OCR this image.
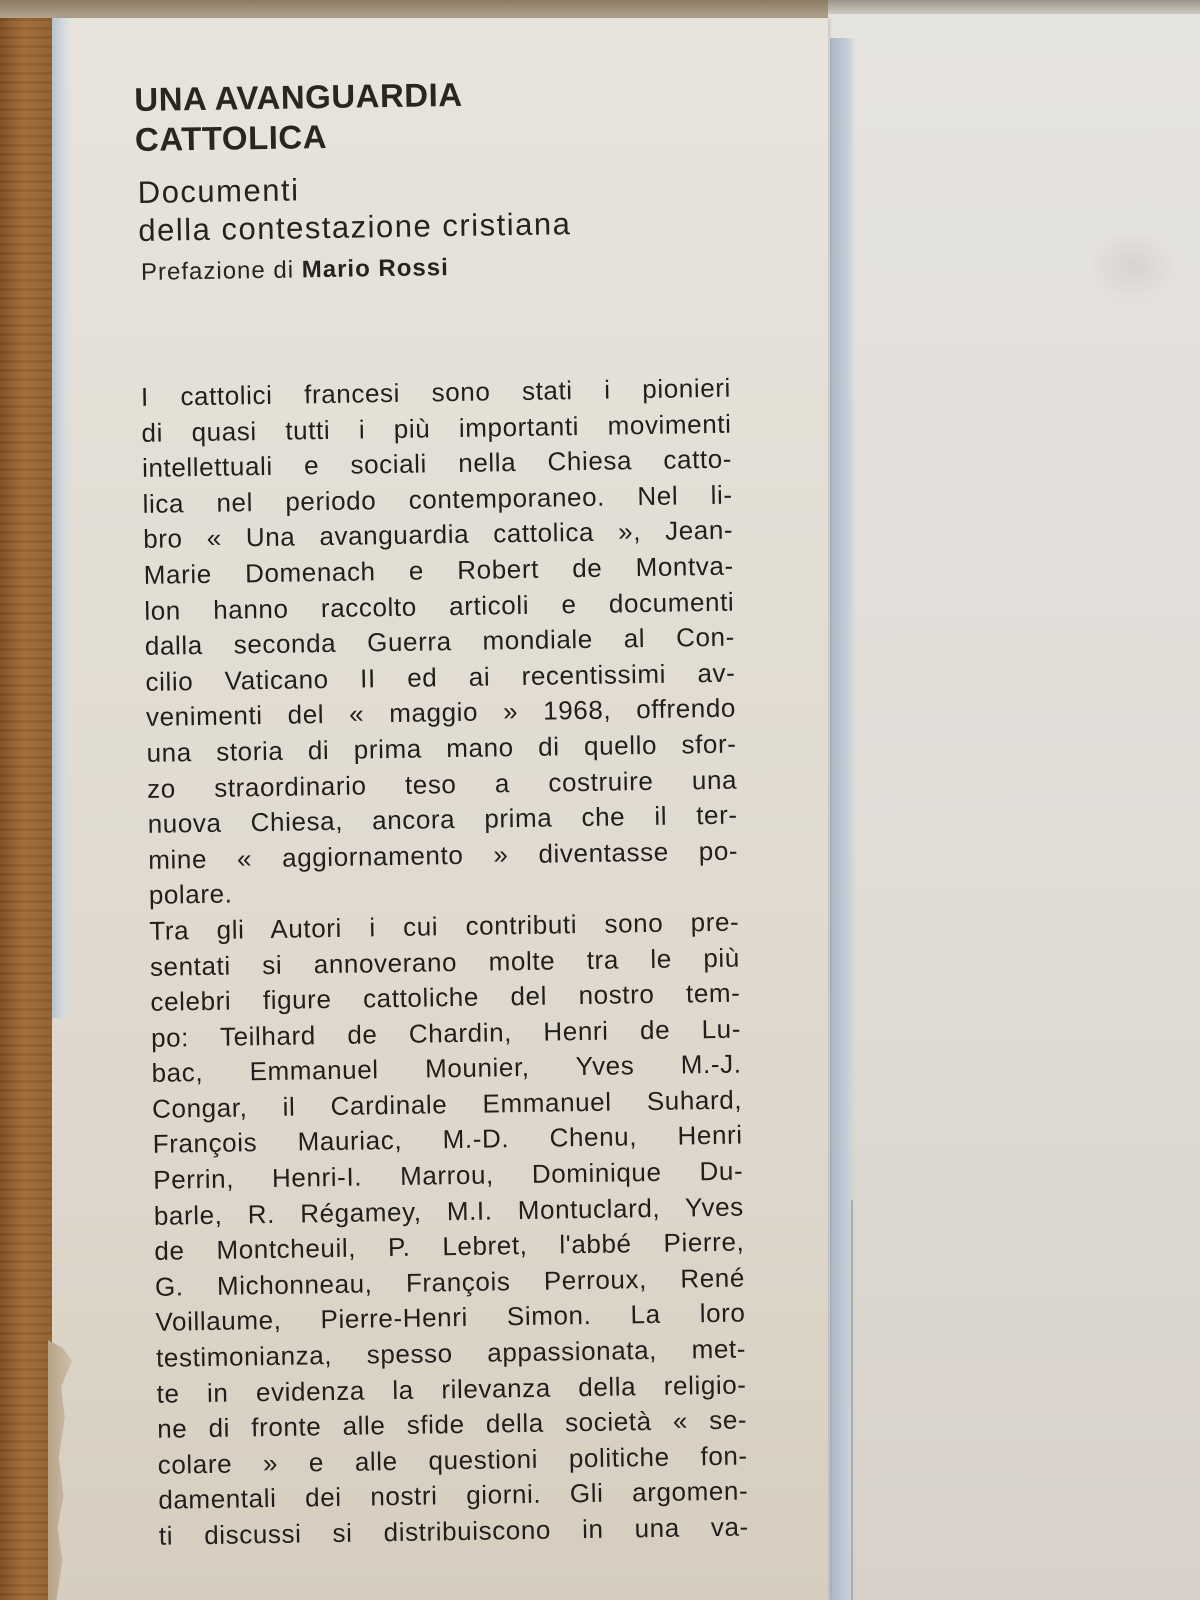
UNA AVANGUARDIA
CATTOLICA
Documenti
della contestazione cristiana
Prefazione di Mario Rossi
I cattolici francesi sono stati i pionieri
di quasi tutti i più importanti movimenti
intellettuali e sociali nella Chiesa catto-
lica nel periodo contemporaneo. Nel li-
bro « Una avanguardia cattolica », Jean-
Marie Domenach e Robert de Montva-
lon hanno raccolto articoli e documenti
dalla seconda Guerra mondiale al Con-
cilio Vaticano II ed ai recentissimi av-
venimenti del « maggio » 1968, offrendo
una storia di prima mano di quello sfor-
zo straordinario teso a costruire una
nuova Chiesa, ancora prima che il ter-
mine « aggiornamento » diventasse po-
polare.
Tra gli Autori i cui contributi sono pre-
sentati si annoverano molte tra le più
celebri figure cattoliche del nostro tem-
po: Teilhard de Chardin, Henri de Lu-
bac, Emmanuel Mounier, Yves M.-J.
Congar, il Cardinale Emmanuel Suhard,
François Mauriac, M.-D. Chenu, Henri
Perrin, Henri-I. Marrou, Dominique Du-
barle, R. Régamey, M.I. Montuclard, Yves
de Montcheuil, P. Lebret, l'abbé Pierre,
G. Michonneau, François Perroux, René
Voillaume, Pierre-Henri Simon. La loro
testimonianza, spesso appassionata, met-
te in evidenza la rilevanza della religio-
ne di fronte alle sfide della società « se-
colare » e alle questioni politiche fon-
damentali dei nostri giorni. Gli argomen-
ti discussi si distribuiscono in una va-
